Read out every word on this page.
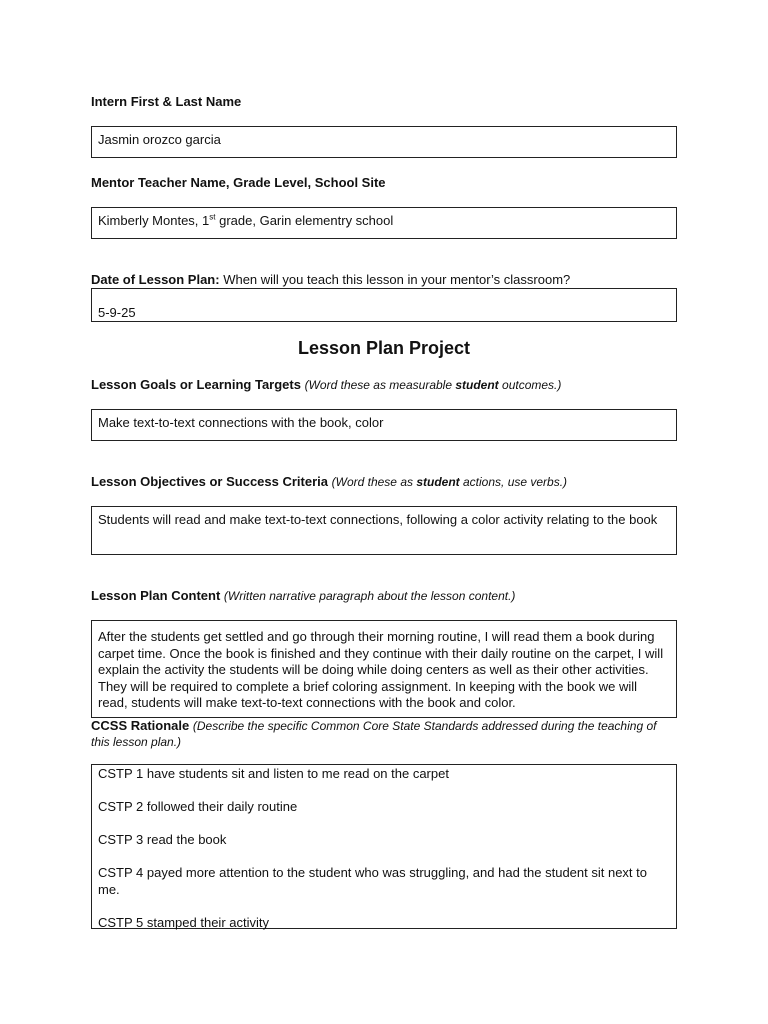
Intern First & Last Name
Jasmin orozco garcia
Mentor Teacher Name, Grade Level, School Site
Kimberly Montes, 1st grade, Garin elementry school
Date of Lesson Plan: When will you teach this lesson in your mentor’s classroom?
5-9-25
Lesson Plan Project
Lesson Goals or Learning Targets (Word these as measurable student outcomes.)
Make text-to-text connections with the book, color
Lesson Objectives or Success Criteria (Word these as student actions, use verbs.)
Students will read and make text-to-text connections, following a color activity relating to the book
Lesson Plan Content (Written narrative paragraph about the lesson content.)
After the students get settled and go through their morning routine, I will read them a book during carpet time. Once the book is finished and they continue with their daily routine on the carpet, I will explain the activity the students will be doing while doing centers as well as their other activities. They will be required to complete a brief coloring assignment. In keeping with the book we will read, students will make text-to-text connections with the book and color.
CCSS Rationale (Describe the specific Common Core State Standards addressed during the teaching of this lesson plan.)

CSTP 1 have students sit and listen to me read on the carpet

CSTP 2 followed their daily routine

CSTP 3 read the book

CSTP 4 payed more attention to the student who was struggling, and had the student sit next to me.

CSTP 5 stamped their activity
